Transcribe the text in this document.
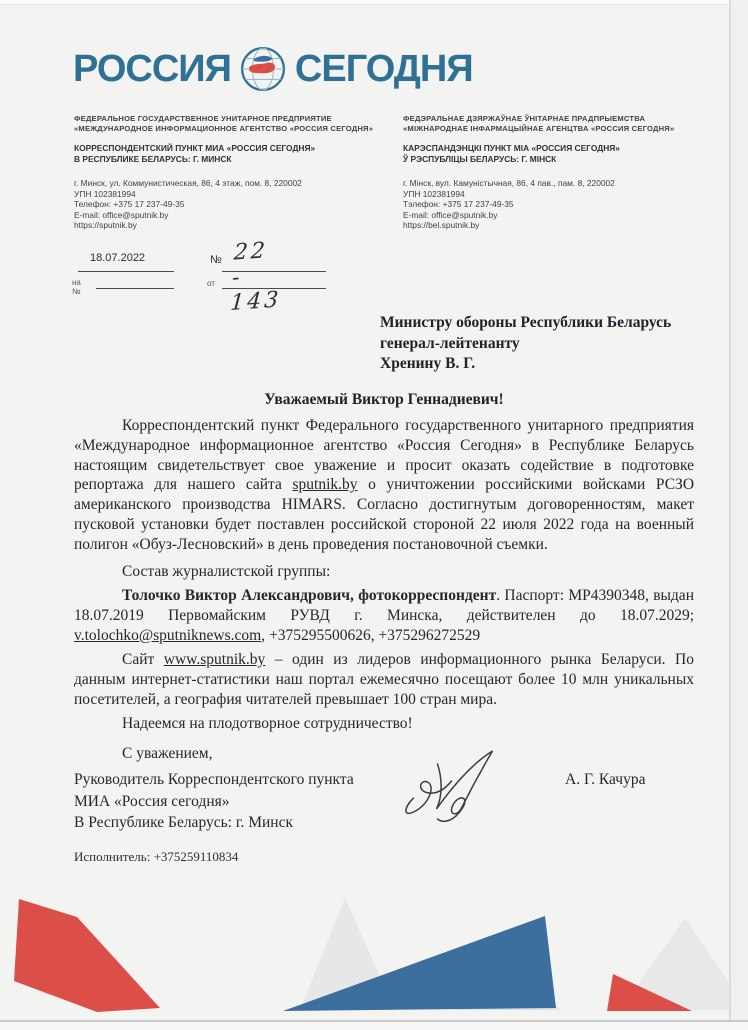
РОССИЯ СЕГОДНЯ
ФЕДЕРАЛЬНОЕ ГОСУДАРСТВЕННОЕ УНИТАРНОЕ ПРЕДПРИЯТИЕ
«МЕЖДУНАРОДНОЕ ИНФОРМАЦИОННОЕ АГЕНТСТВО «РОССИЯ СЕГОДНЯ»
КОРРЕСПОНДЕНТСКИЙ ПУНКТ МИА «РОССИЯ СЕГОДНЯ»
В РЕСПУБЛИКЕ БЕЛАРУСЬ: Г. МИНСК
г. Минск, ул. Коммунистическая, 86, 4 этаж, пом. 8, 220002
УПН 102381994
Телефон: +375 17 237-49-35
E-mail: office@sputnik.by
https://sputnik.by
ФЕДЭРАЛЬНАЕ ДЗЯРЖАЎНАЕ ЎНІТАРНАЕ ПРАДПРЫЕМСТВА
«МІЖНАРОДНАЕ ІНФАРМАЦЫЙНАЕ АГЕНЦТВА «РОССИЯ СЕГОДНЯ»
КАРЭСПАНДЭНЦКІ ПУНКТ МІА «РОССИЯ СЕГОДНЯ»
Ў РЭСПУБЛІЦЫ БЕЛАРУСЬ: Г. МІНСК
г. Мінск, вул. Камуністычная, 86, 4 пав., пам. 8, 220002
УПН 102381994
Тэлефон: +375 17 237-49-35
E-mail: office@sputnik.by
https://bel.sputnik.by
18.07.2022	№ 22 - 143
на №
от
Министру обороны Республики Беларусь
генерал-лейтенанту
Хренину В. Г.
Уважаемый Виктор Геннадиевич!

Корреспондентский пункт Федерального государственного унитарного предприятия «Международное информационное агентство «Россия Сегодня» в Республике Беларусь настоящим свидетельствует свое уважение и просит оказать содействие в подготовке репортажа для нашего сайта sputnik.by о уничтожении российскими войсками РСЗО американского производства HIMARS. Согласно достигнутым договоренностям, макет пусковой установки будет поставлен российской стороной 22 июля 2022 года на военный полигон «Обуз-Лесновский» в день проведения постановочной съемки.

Состав журналистской группы:

Толочко Виктор Александрович, фотокорреспондент. Паспорт: МР4390348, выдан 18.07.2019 Первомайским РУВД г. Минска, действителен до 18.07.2029; v.tolochko@sputniknews.com, +375295500626, +375296272529

Сайт www.sputnik.by – один из лидеров информационного рынка Беларуси. По данным интернет-статистики наш портал ежемесячно посещают более 10 млн уникальных посетителей, а география читателей превышает 100 стран мира.

Надеемся на плодотворное сотрудничество!

С уважением,

Руководитель Корреспондентского пункта
МИА «Россия сегодня»
В Республике Беларусь: г. Минск
А. Г. Качура
Исполнитель: +375259110834
